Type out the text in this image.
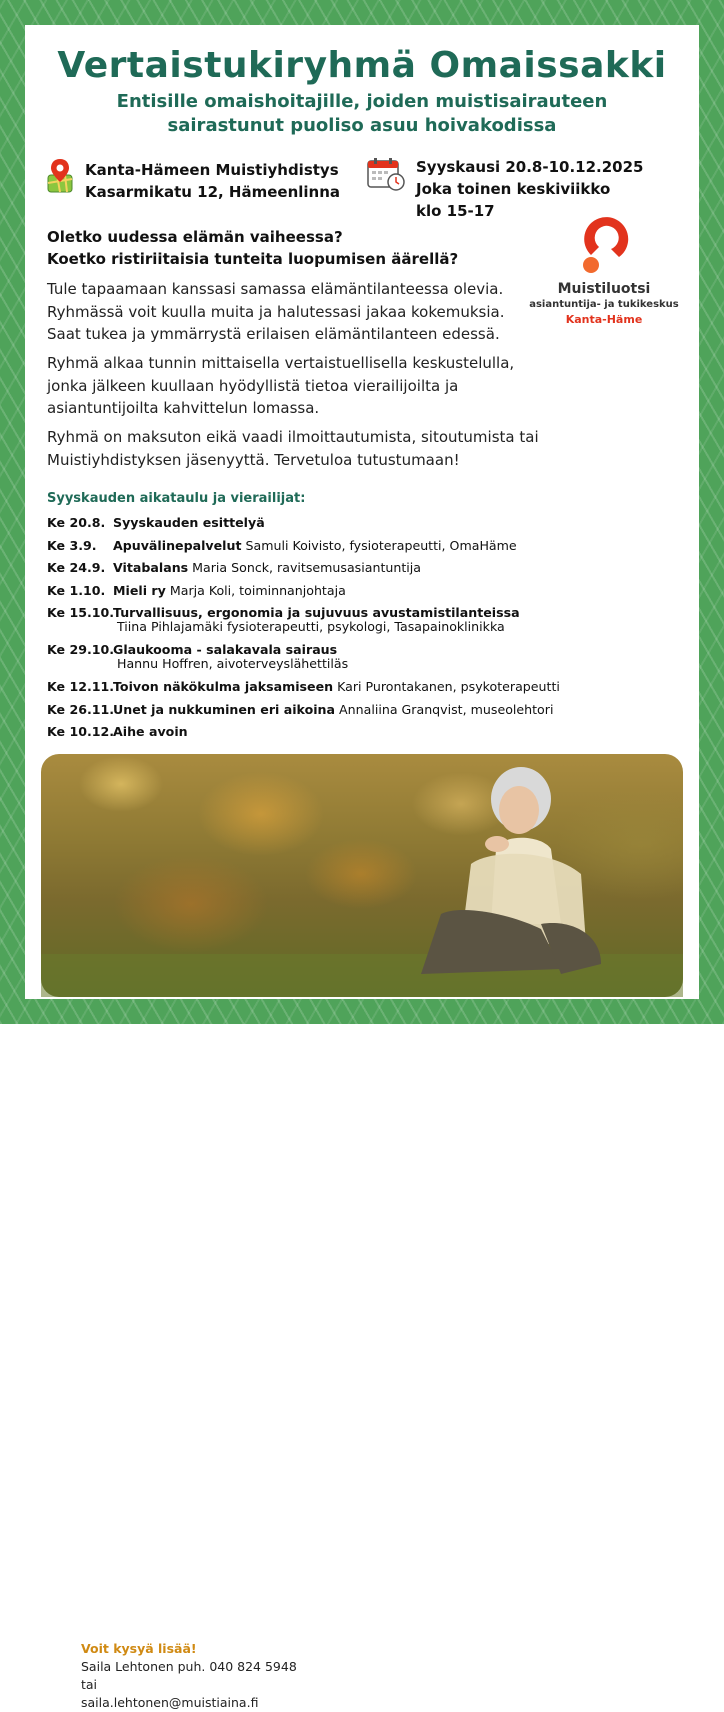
Vertaistukiryhmä Omaissakki
Entisille omaishoitajille, joiden muistisairauteen
sairastunut puoliso asuu hoivakodissa
Kanta-Hämeen Muistiyhdistys
Kasarmikatu 12, Hämeenlinna
Syyskausi 20.8-10.12.2025
Joka toinen keskiviikko
klo 15-17
Oletko uudessa elämän vaiheessa?
Koetko ristiriitaisia tunteita luopumisen äärellä?
Muistiluotsi
asiantuntija- ja tukikeskus
Kanta-Häme
Tule tapaamaan kanssasi samassa elämäntilanteessa olevia.
Ryhmässä voit kuulla muita ja halutessasi jakaa kokemuksia.
Saat tukea ja ymmärrystä erilaisen elämäntilanteen edessä.
Ryhmä alkaa tunnin mittaisella vertaistuellisella keskustelulla,
jonka jälkeen kuullaan hyödyllistä tietoa vierailijoilta ja
asiantuntijoilta kahvittelun lomassa.
Ryhmä on maksuton eikä vaadi ilmoittautumista, sitoutumista tai
Muistiyhdistyksen jäsenyyttä. Tervetuloa tutustumaan!
Syyskauden aikataulu ja vierailijat:
Ke 20.8. Syyskauden esittelyä
Ke 3.9. Apuvälinepalvelut Samuli Koivisto, fysioterapeutti, OmaHäme
Ke 24.9. Vitabalans Maria Sonck, ravitsemusasiantuntija
Ke 1.10. Mieli ry Marja Koli, toiminnanjohtaja
Ke 15.10.
Turvallisuus, ergonomia ja sujuvuus avustamistilanteissa
Tiina Pihlajamäki fysioterapeutti, psykologi, Tasapainoklinikka
Ke 29.10.
Glaukooma - salakavala sairaus
Hannu Hoffren, aivoterveyslähettiläs
Ke 12.11.
Toivon näkökulma jaksamiseen Kari Purontakanen, psykoterapeutti
Ke 26.11.
Unet ja nukkuminen eri aikoina Annaliina Granqvist, museolehtori
Ke 10.12.
Aihe avoin
Voit kysyä lisää!
Saila Lehtonen puh. 040 824 5948 tai
saila.lehtonen@muistiaina.fi
